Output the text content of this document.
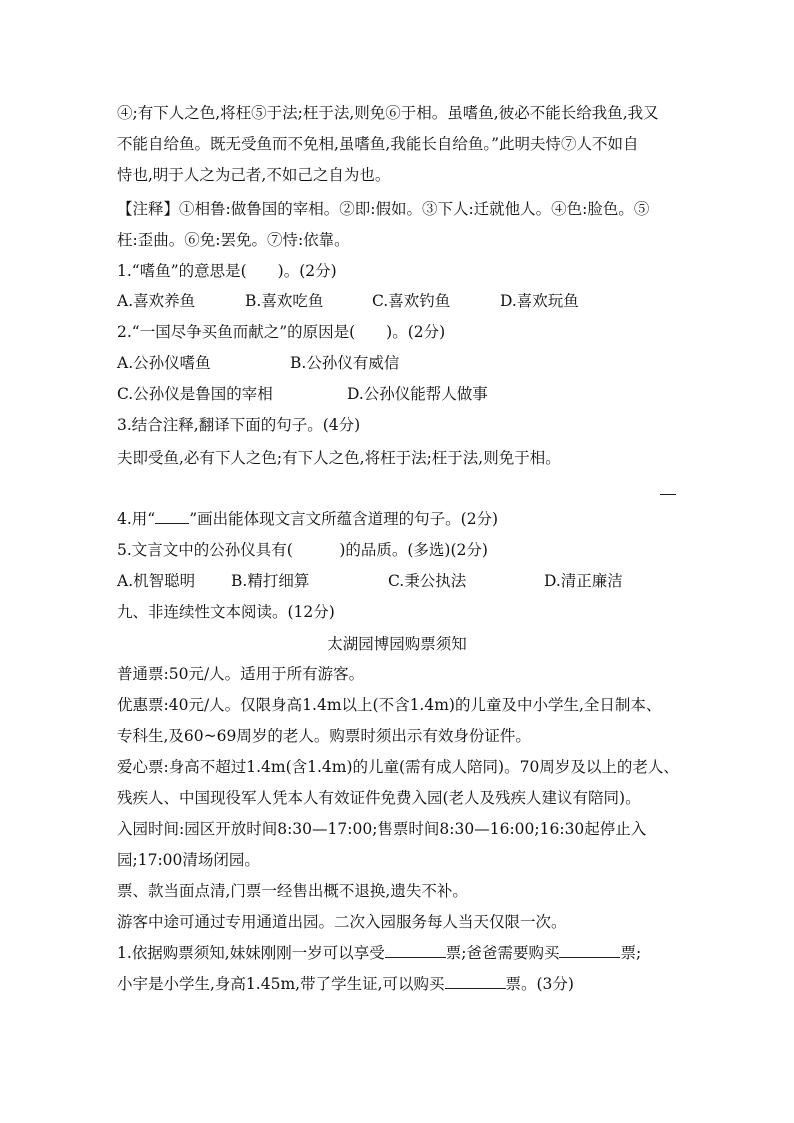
④;有下人之色,将枉⑤于法;枉于法,则免⑥于相。虽嗜鱼,彼必不能长给我鱼,我又
不能自给鱼。既无受鱼而不免相,虽嗜鱼,我能长自给鱼。”此明夫恃⑦人不如自
恃也,明于人之为己者,不如己之自为也。
【注释】①相鲁:做鲁国的宰相。②即:假如。③下人:迁就他人。④色:脸色。⑤
枉:歪曲。⑥免:罢免。⑦恃:依靠。
1.“嗜鱼”的意思是(　　)。(2分)
A.喜欢养鱼	B.喜欢吃鱼	C.喜欢钓鱼	D.喜欢玩鱼
2.“一国尽争买鱼而献之”的原因是(　　)。(2分)
A.公孙仪嗜鱼	B.公孙仪有威信
C.公孙仪是鲁国的宰相	D.公孙仪能帮人做事
3.结合注释,翻译下面的句子。(4分)
夫即受鱼,必有下人之色;有下人之色,将枉于法;枉于法,则免于相。
4.用“ ”画出能体现文言文所蕴含道理的句子。(2分)
5.文言文中的公孙仪具有(　　　)的品质。(多选)(2分)
A.机智聪明 B.精打细算	C.秉公执法	D.清正廉洁
九、非连续性文本阅读。(12分)
太湖园博园购票须知
普通票:50元/人。适用于所有游客。
优惠票:40元/人。仅限身高1.4m以上(不含1.4m)的儿童及中小学生,全日制本、
专科生,及60~69周岁的老人。购票时须出示有效身份证件。
爱心票:身高不超过1.4m(含1.4m)的儿童(需有成人陪同)。70周岁及以上的老人、
残疾人、中国现役军人凭本人有效证件免费入园(老人及残疾人建议有陪同)。
入园时间:园区开放时间8:30—17:00;售票时间8:30—16:00;16:30起停止入
园;17:00清场闭园。
票、款当面点清,门票一经售出概不退换,遗失不补。
游客中途可通过专用通道出园。二次入园服务每人当天仅限一次。
1.依据购票须知,妹妹刚刚一岁可以享受	票;爸爸需要购买	票;
小宇是小学生,身高1.45m,带了学生证,可以购买	票。(3分)
